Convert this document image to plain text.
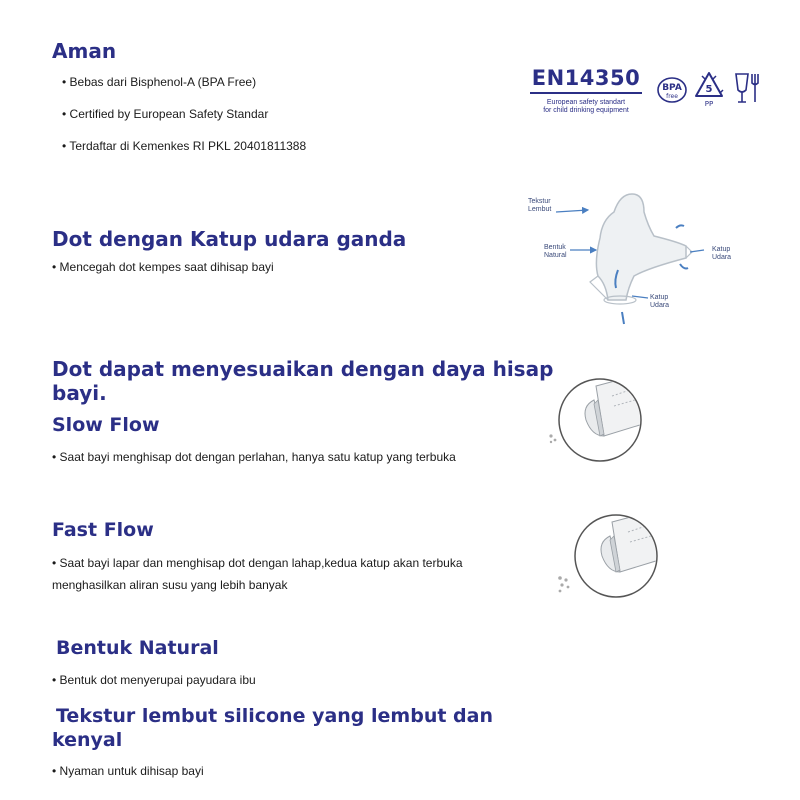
Aman

• Bebas dari Bisphenol-A (BPA Free)

• Certified by European Safety Standar

• Terdaftar di Kemenkes RI PKL 20401811388

EN14350
European safety standart
for child drinking equipment
BPA
free
5
PP
Dot dengan Katup udara ganda

• Mencegah dot kempes saat dihisap bayi

Tekstur
Lembut
Bentuk
Natural
Katup
Udara
Katup
Udara
Dot dapat menyesuaikan dengan daya hisap
bayi.
Slow Flow

• Saat bayi menghisap dot dengan perlahan, hanya satu katup yang terbuka

Fast Flow

• Saat bayi lapar dan menghisap dot dengan lahap,kedua katup akan terbuka

menghasilkan aliran susu yang lebih banyak

Bentuk Natural

• Bentuk dot menyerupai payudara ibu

Tekstur lembut silicone yang lembut dan
kenyal

• Nyaman untuk dihisap bayi
